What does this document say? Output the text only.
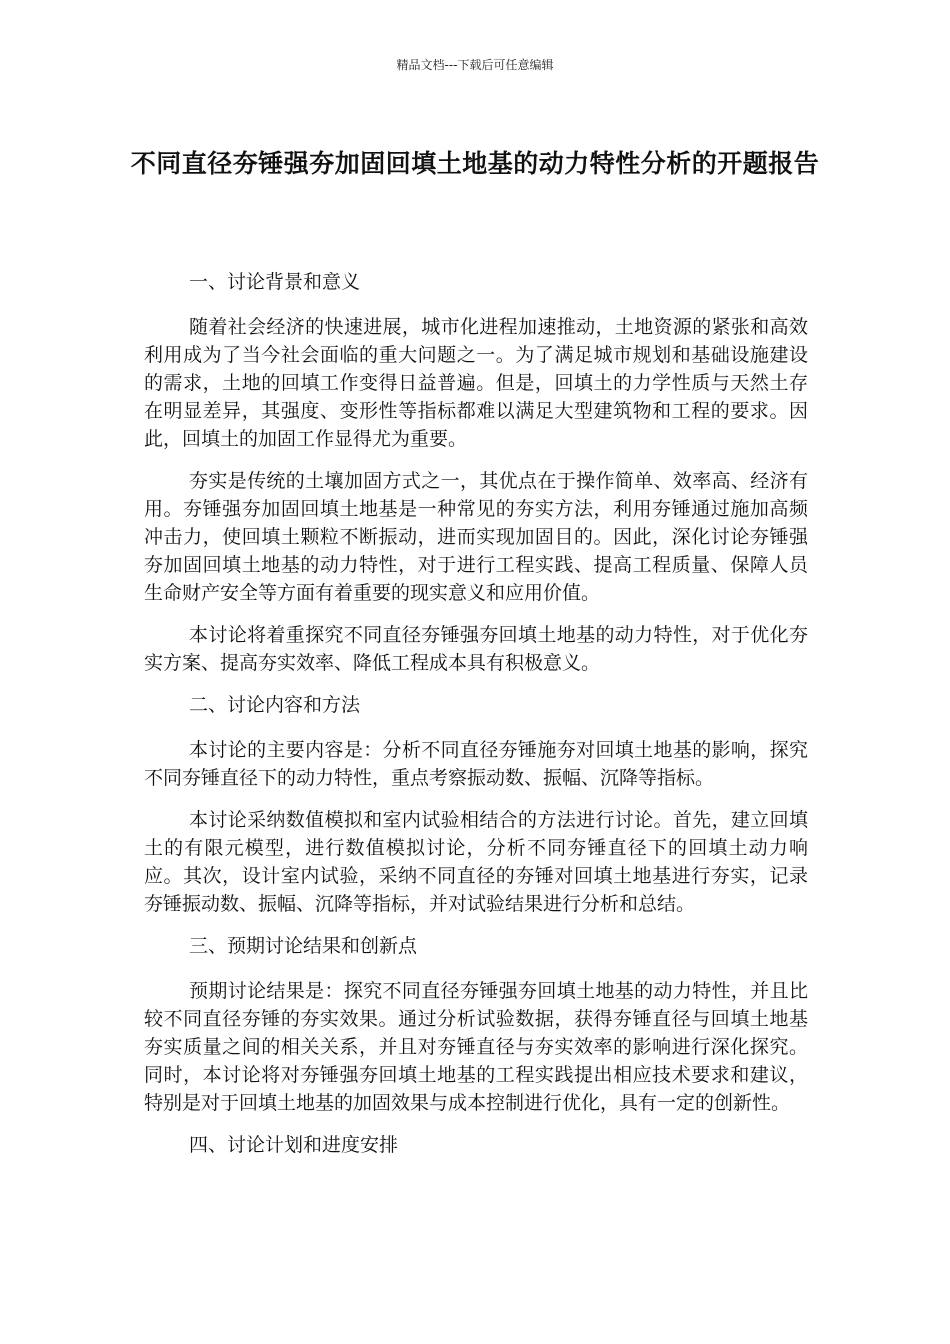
精品文档---下载后可任意编辑
不同直径夯锤强夯加固回填土地基的动力特性分析的开题报告
一、讨论背景和意义

随着社会经济的快速进展，城市化进程加速推动，土地资源的紧张和高效利用成为了当今社会面临的重大问题之一。为了满足城市规划和基础设施建设的需求，土地的回填工作变得日益普遍。但是，回填土的力学性质与天然土存在明显差异，其强度、变形性等指标都难以满足大型建筑物和工程的要求。因此，回填土的加固工作显得尤为重要。

夯实是传统的土壤加固方式之一，其优点在于操作简单、效率高、经济有用。夯锤强夯加固回填土地基是一种常见的夯实方法，利用夯锤通过施加高频冲击力，使回填土颗粒不断振动，进而实现加固目的。因此，深化讨论夯锤强夯加固回填土地基的动力特性，对于进行工程实践、提高工程质量、保障人员生命财产安全等方面有着重要的现实意义和应用价值。

本讨论将着重探究不同直径夯锤强夯回填土地基的动力特性，对于优化夯实方案、提高夯实效率、降低工程成本具有积极意义。

二、讨论内容和方法

本讨论的主要内容是：分析不同直径夯锤施夯对回填土地基的影响，探究不同夯锤直径下的动力特性，重点考察振动数、振幅、沉降等指标。

本讨论采纳数值模拟和室内试验相结合的方法进行讨论。首先，建立回填土的有限元模型，进行数值模拟讨论，分析不同夯锤直径下的回填土动力响应。其次，设计室内试验，采纳不同直径的夯锤对回填土地基进行夯实，记录夯锤振动数、振幅、沉降等指标，并对试验结果进行分析和总结。

三、预期讨论结果和创新点

预期讨论结果是：探究不同直径夯锤强夯回填土地基的动力特性，并且比较不同直径夯锤的夯实效果。通过分析试验数据，获得夯锤直径与回填土地基夯实质量之间的相关关系，并且对夯锤直径与夯实效率的影响进行深化探究。同时，本讨论将对夯锤强夯回填土地基的工程实践提出相应技术要求和建议，特别是对于回填土地基的加固效果与成本控制进行优化，具有一定的创新性。

四、讨论计划和进度安排
